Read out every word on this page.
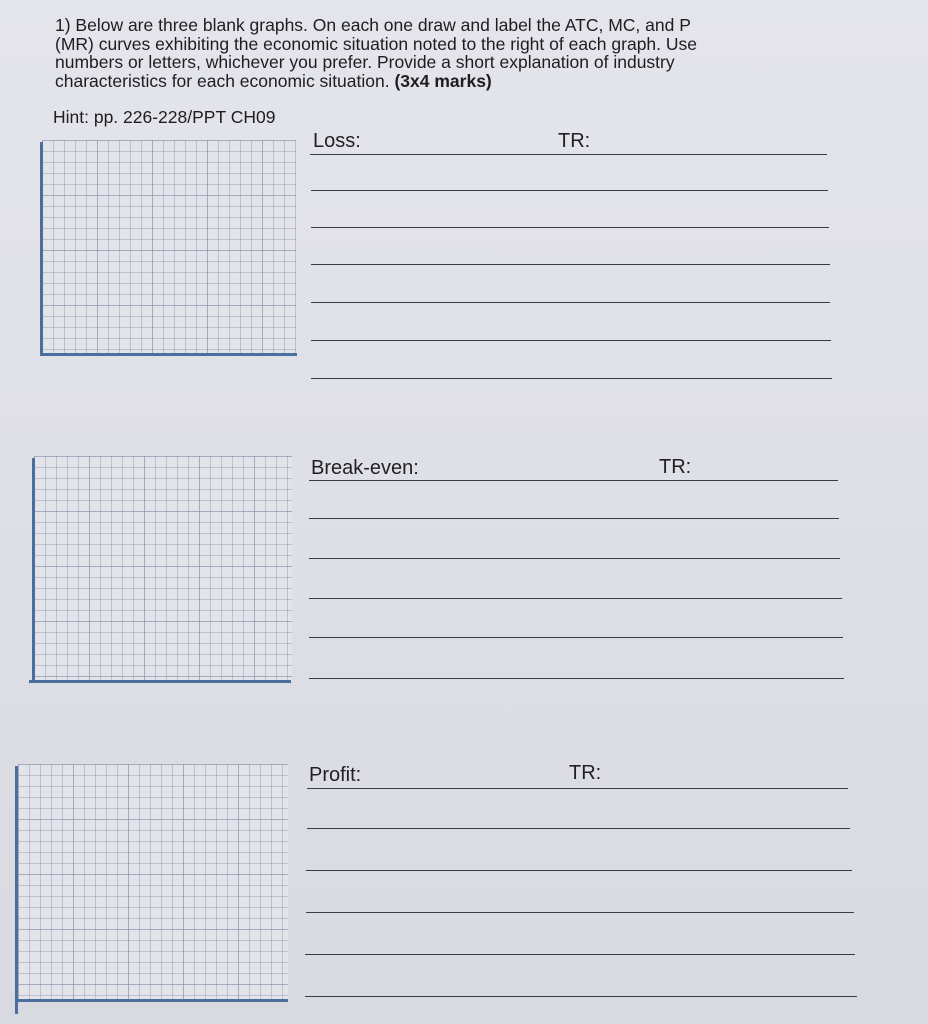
1) Below are three blank graphs. On each one draw and label the ATC, MC, and P
(MR) curves exhibiting the economic situation noted to the right of each graph. Use
numbers or letters, whichever you prefer. Provide a short explanation of industry
characteristics for each economic situation. (3x4 marks)
Hint: pp. 226-228/PPT CH09
Loss:	TR:
Break-even:	TR:
Profit:	TR:
